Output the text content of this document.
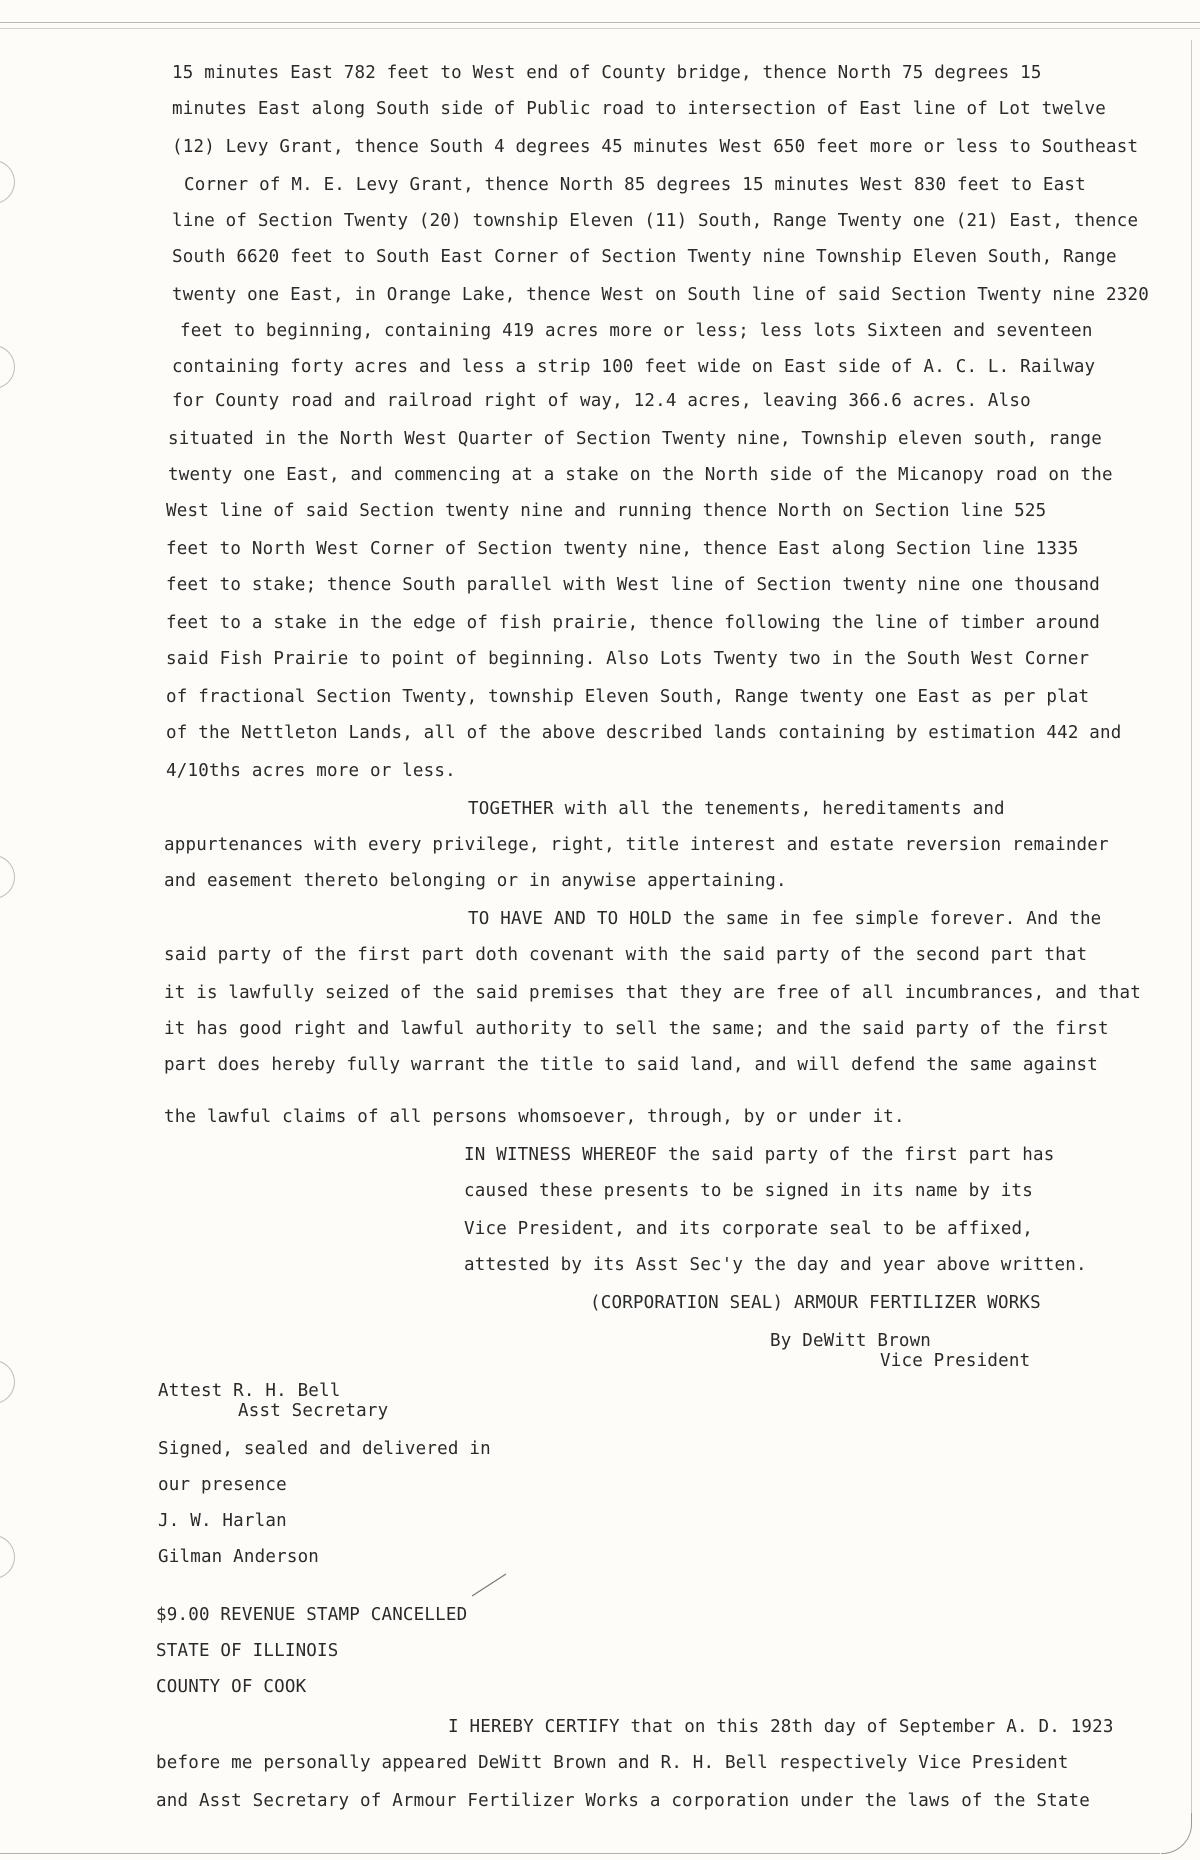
15 minutes East 782 feet to West end of County bridge, thence North 75 degrees 15
minutes East along South side of Public road to intersection of East line of Lot twelve
(12) Levy Grant, thence South 4 degrees 45 minutes West 650 feet more or less to Southeast
Corner of M. E. Levy Grant, thence North 85 degrees 15 minutes West 830 feet to East
line of Section Twenty (20) township Eleven (11) South, Range Twenty one (21) East, thence
South 6620 feet to South East Corner of Section Twenty nine Township Eleven South, Range
twenty one East, in Orange Lake, thence West on South line of said Section Twenty nine 2320
feet to beginning, containing 419 acres more or less; less lots Sixteen and seventeen
containing forty acres and less a strip 100 feet wide on East side of A. C. L. Railway
for County road and railroad right of way, 12.4 acres, leaving 366.6 acres. Also
situated in the North West Quarter of Section Twenty nine, Township eleven south, range
twenty one East, and commencing at a stake on the North side of the Micanopy road on the
West line of said Section twenty nine and running thence North on Section line 525
feet to North West Corner of Section twenty nine, thence East along Section line 1335
feet to stake; thence South parallel with West line of Section twenty nine one thousand
feet to a stake in the edge of fish prairie, thence following the line of timber around
said Fish Prairie to point of beginning. Also Lots Twenty two in the South West Corner
of fractional Section Twenty, township Eleven South, Range twenty one East as per plat
of the Nettleton Lands, all of the above described lands containing by estimation 442 and
4/10ths acres more or less.
TOGETHER with all the tenements, hereditaments and
appurtenances with every privilege, right, title interest and estate reversion remainder
and easement thereto belonging or in anywise appertaining.
TO HAVE AND TO HOLD the same in fee simple forever. And the
said party of the first part doth covenant with the said party of the second part that
it is lawfully seized of the said premises that they are free of all incumbrances, and that
it has good right and lawful authority to sell the same; and the said party of the first
part does hereby fully warrant the title to said land, and will defend the same against
the lawful claims of all persons whomsoever, through, by or under it.
IN WITNESS WHEREOF the said party of the first part has
caused these presents to be signed in its name by its
Vice President, and its corporate seal to be affixed,
attested by its Asst Sec'y the day and year above written.
(CORPORATION SEAL) ARMOUR FERTILIZER WORKS
By DeWitt Brown
Vice President
Attest R. H. Bell
Asst Secretary
Signed, sealed and delivered in
our presence
J. W. Harlan
Gilman Anderson
$9.00 REVENUE STAMP CANCELLED
STATE OF ILLINOIS
COUNTY OF COOK
I HEREBY CERTIFY that on this 28th day of September A. D. 1923
before me personally appeared DeWitt Brown and R. H. Bell respectively Vice President
and Asst Secretary of Armour Fertilizer Works a corporation under the laws of the State
